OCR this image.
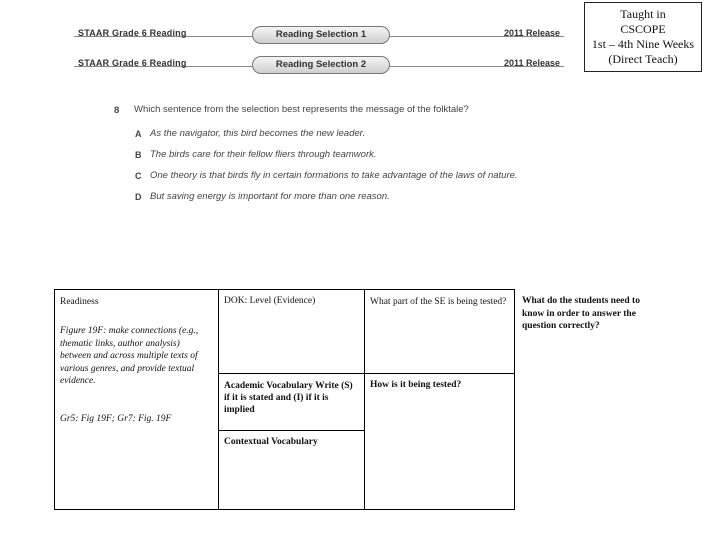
STAAR Grade 6 Reading	Reading Selection 1	2011 Release
STAAR Grade 6 Reading	Reading Selection 2	2011 Release
Taught in
CSCOPE
1st – 4th Nine Weeks
(Direct Teach)
8 Which sentence from the selection best represents the message of the folktale?
A As the navigator, this bird becomes the new leader.
B The birds care for their fellow fliers through teamwork.
C One theory is that birds fly in certain formations to take advantage of the laws of nature.
D But saving energy is important for more than one reason.
Readiness
Figure 19F: make connections (e.g., thematic links, author analysis) between and across multiple texts of various genres, and provide textual evidence.
Gr5: Fig 19F; Gr7: Fig. 19F	DOK: Level (Evidence)	What part of the SE is being tested?

	Academic Vocabulary Write (S) if it is stated and (I) if it is implied	How is it being tested?

	Contextual Vocabulary	
What do the students need to know in order to answer the question correctly?
